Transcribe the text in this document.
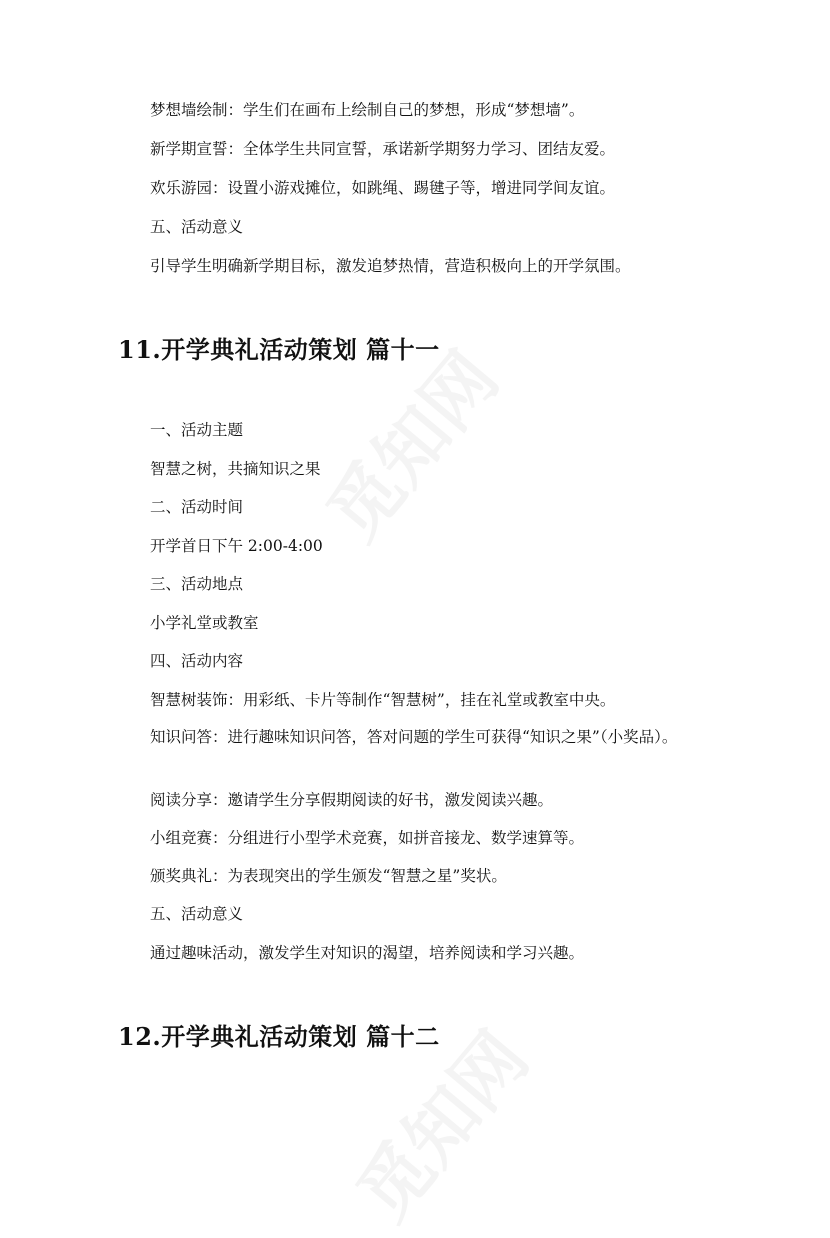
梦想墙绘制：学生们在画布上绘制自己的梦想，形成“梦想墙”。
新学期宣誓：全体学生共同宣誓，承诺新学期努力学习、团结友爱。
欢乐游园：设置小游戏摊位，如跳绳、踢毽子等，增进同学间友谊。
五、活动意义
引导学生明确新学期目标，激发追梦热情，营造积极向上的开学氛围。
11.开学典礼活动策划 篇十一
一、活动主题
智慧之树，共摘知识之果
二、活动时间
开学首日下午 2:00-4:00
三、活动地点
小学礼堂或教室
四、活动内容
智慧树装饰：用彩纸、卡片等制作“智慧树”，挂在礼堂或教室中央。
知识问答：进行趣味知识问答，答对问题的学生可获得“知识之果”（小奖品）。
阅读分享：邀请学生分享假期阅读的好书，激发阅读兴趣。
小组竞赛：分组进行小型学术竞赛，如拼音接龙、数学速算等。
颁奖典礼：为表现突出的学生颁发“智慧之星”奖状。
五、活动意义
通过趣味活动，激发学生对知识的渴望，培养阅读和学习兴趣。
12.开学典礼活动策划 篇十二
